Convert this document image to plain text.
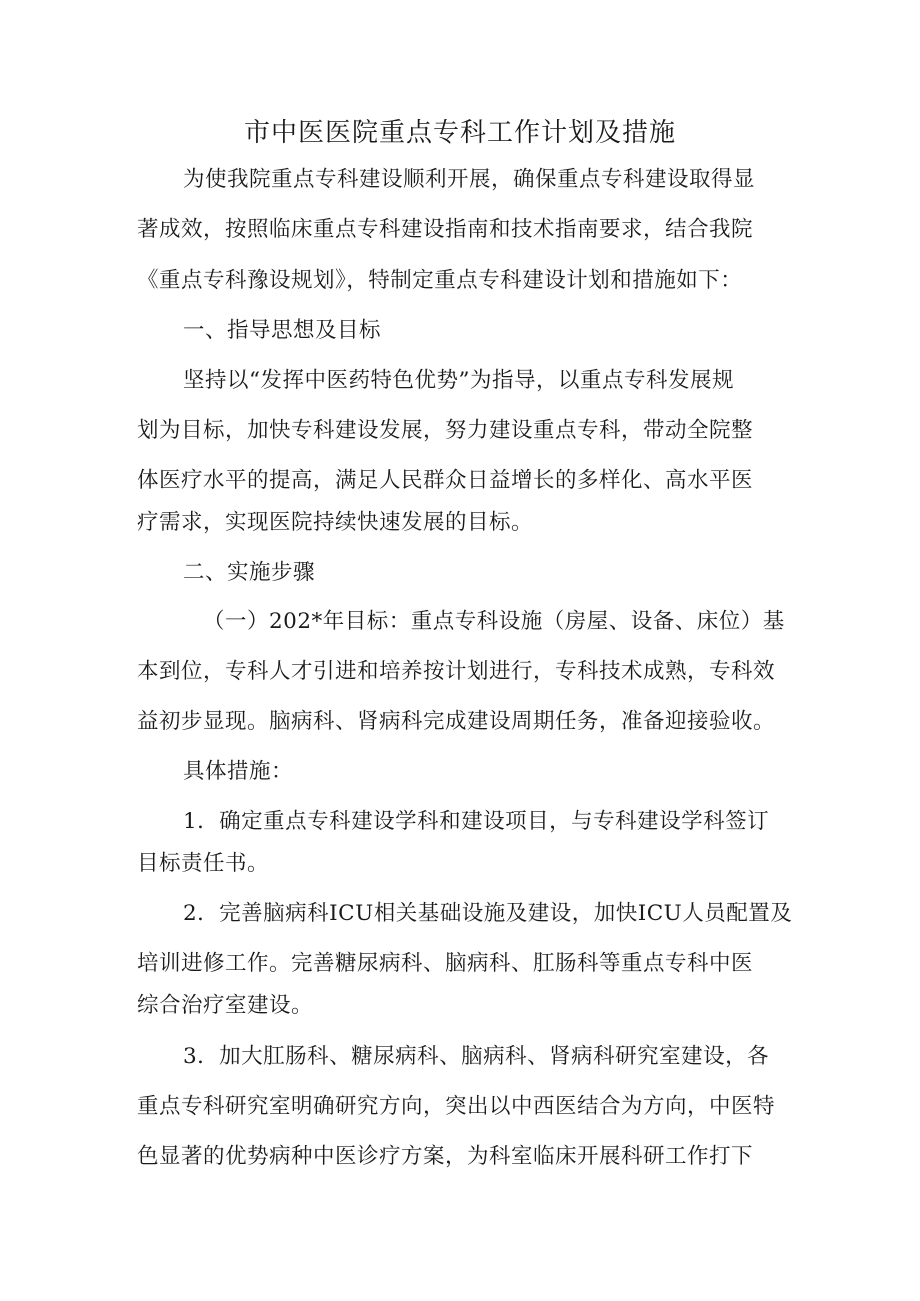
市中医医院重点专科工作计划及措施
为使我院重点专科建设顺利开展，确保重点专科建设取得显
著成效，按照临床重点专科建设指南和技术指南要求，结合我院
《重点专科豫设规划》，特制定重点专科建设计划和措施如下：
一、指导思想及目标
坚持以“发挥中医药特色优势”为指导，以重点专科发展规
划为目标，加快专科建设发展，努力建设重点专科，带动全院整
体医疗水平的提高，满足人民群众日益增长的多样化、高水平医
疗需求，实现医院持续快速发展的目标。
二、实施步骤
（一）202*年目标：重点专科设施（房屋、设备、床位）基
本到位，专科人才引进和培养按计划进行，专科技术成熟，专科效
益初步显现。脑病科、肾病科完成建设周期任务，准备迎接验收。
具体措施：
1．确定重点专科建设学科和建设项目，与专科建设学科签订
目标责任书。
2．完善脑病科ICU相关基础设施及建设，加快ICU人员配置及
培训进修工作。完善糖尿病科、脑病科、肛肠科等重点专科中医
综合治疗室建设。
3．加大肛肠科、糖尿病科、脑病科、肾病科研究室建设，各
重点专科研究室明确研究方向，突出以中西医结合为方向，中医特
色显著的优势病种中医诊疗方案，为科室临床开展科研工作打下
